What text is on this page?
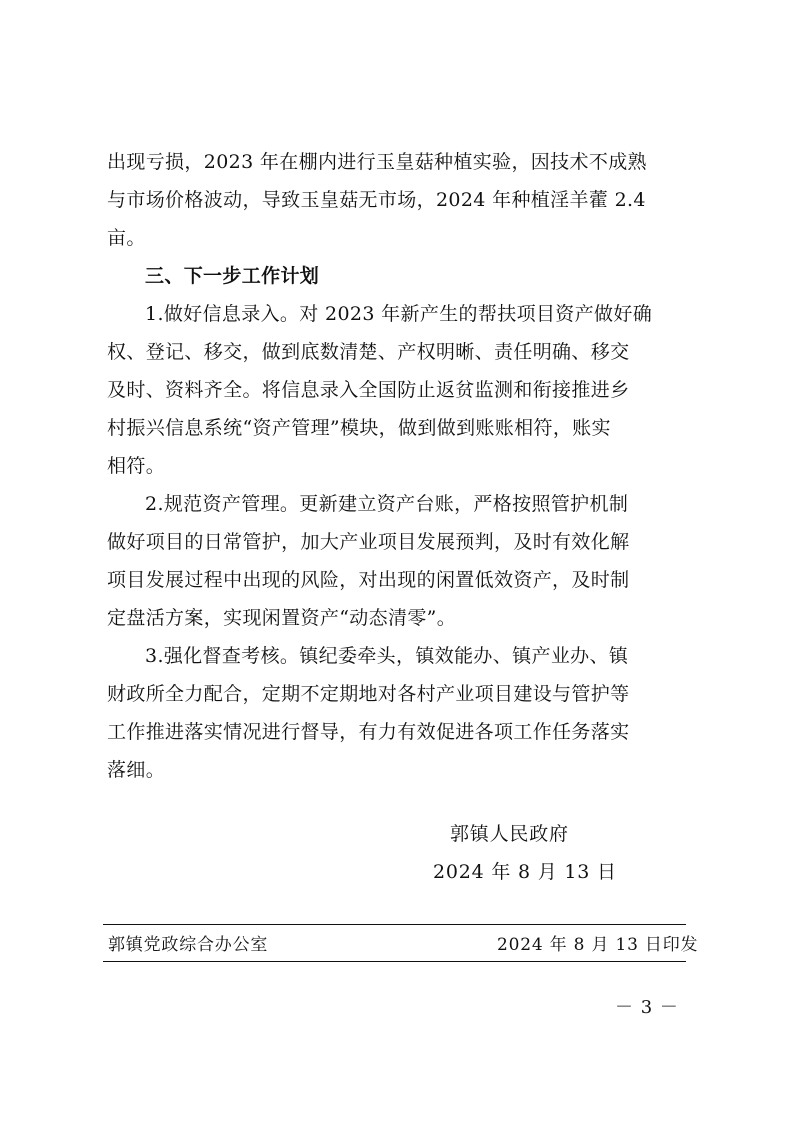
出现亏损，2023 年在棚内进行玉皇菇种植实验，因技术不成熟
与市场价格波动，导致玉皇菇无市场，2024 年种植淫羊藿 2.4
亩。
三、下一步工作计划
1.做好信息录入。对 2023 年新产生的帮扶项目资产做好确
权、登记、移交，做到底数清楚、产权明晰、责任明确、移交
及时、资料齐全。将信息录入全国防止返贫监测和衔接推进乡
村振兴信息系统“资产管理”模块，做到做到账账相符，账实
相符。
2.规范资产管理。更新建立资产台账，严格按照管护机制
做好项目的日常管护，加大产业项目发展预判，及时有效化解
项目发展过程中出现的风险，对出现的闲置低效资产，及时制
定盘活方案，实现闲置资产“动态清零”。
3.强化督查考核。镇纪委牵头，镇效能办、镇产业办、镇
财政所全力配合，定期不定期地对各村产业项目建设与管护等
工作推进落实情况进行督导，有力有效促进各项工作任务落实
落细。
郭镇人民政府
2024 年 8 月 13 日
郭镇党政综合办公室	2024 年 8 月 13 日印发
－ 3 －
